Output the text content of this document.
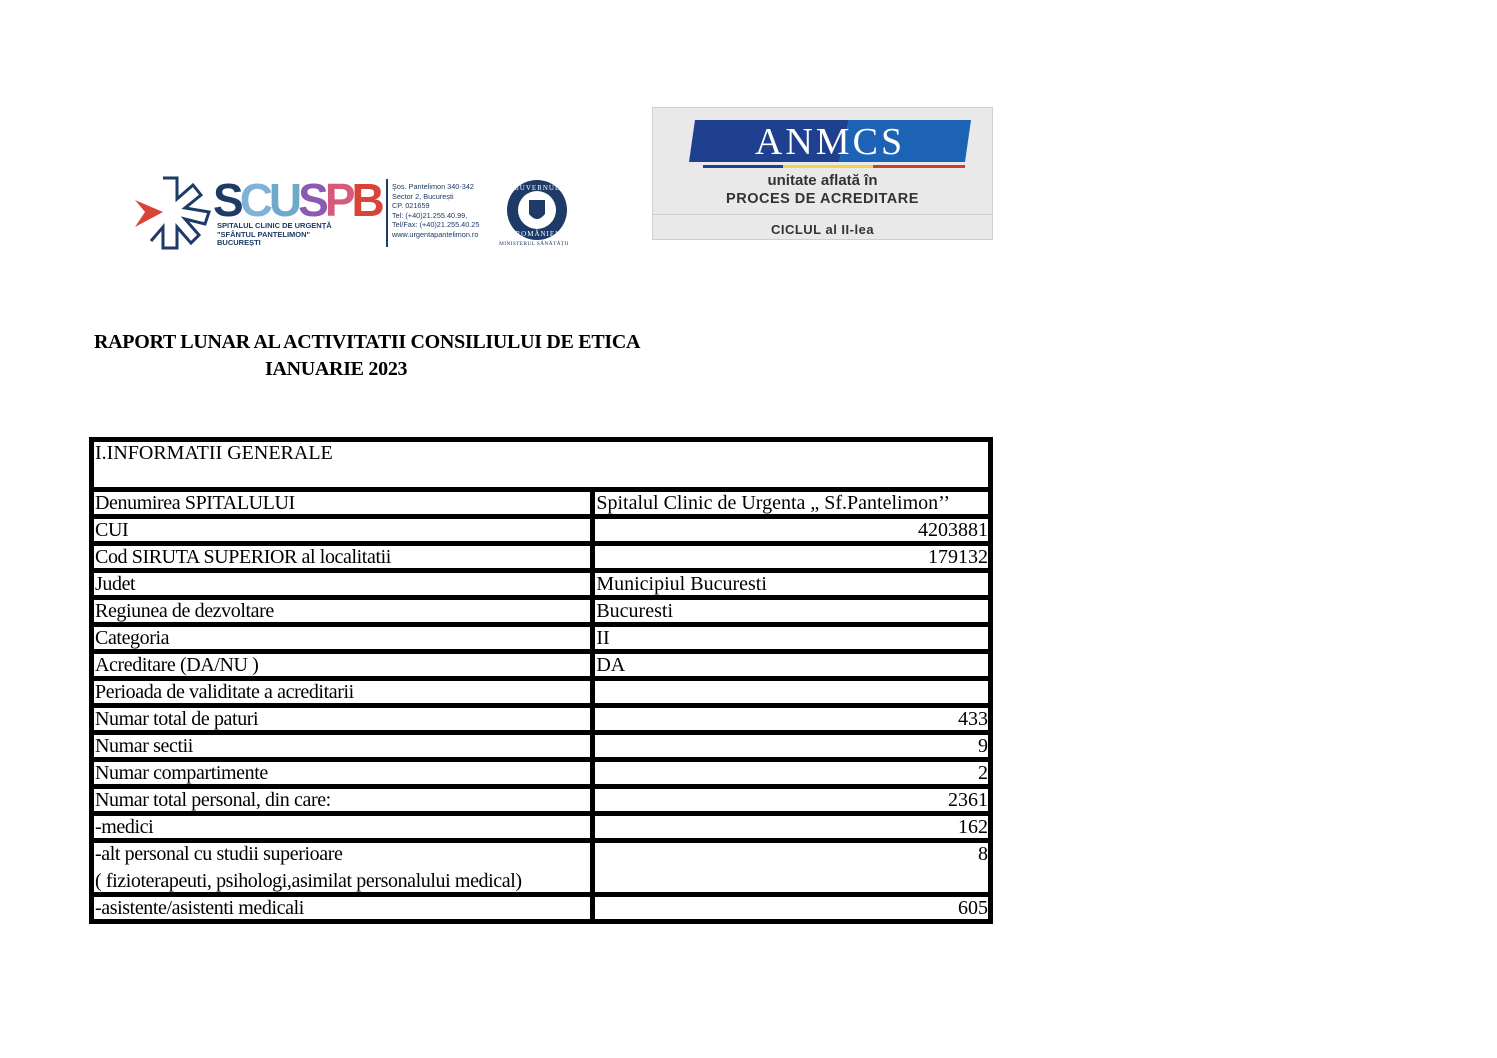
SCUSPB
SPITALUL CLINIC DE URGENȚĂ
"SFÂNTUL PANTELIMON"
BUCUREȘTI
Şos. Pantelimon 340-342
Sector 2, București
CP. 021659
Tel: (+40)21.255.40.99,
Tel/Fax: (+40)21.255.40.25
www.urgentapantelimon.ro
GUVERNUL
ROMÂNIEI
MINISTERUL SĂNĂTĂȚII
ANMCS
unitate aflată în
PROCES DE ACREDITARE
CICLUL al II-lea
RAPORT LUNAR AL ACTIVITATII CONSILIULUI DE ETICA
IANUARIE 2023
I.INFORMATII GENERALE	
Denumirea SPITALULUI	Spitalul Clinic de Urgenta „ Sf.Pantelimon’’
CUI	4203881
Cod SIRUTA SUPERIOR al localitatii	179132
Judet	Municipiul Bucuresti
Regiunea de dezvoltare	Bucuresti
Categoria	II
Acreditare (DA/NU )	DA
Perioada de validitate a acreditarii	
Numar total de paturi	433
Numar sectii	9
Numar compartimente	2
Numar total personal, din care:	2361
-medici	162

-alt personal cu studii superioare
( fizioterapeuti, psihologi,asimilat personalului medical)	8
-asistente/asistenti medicali	605
